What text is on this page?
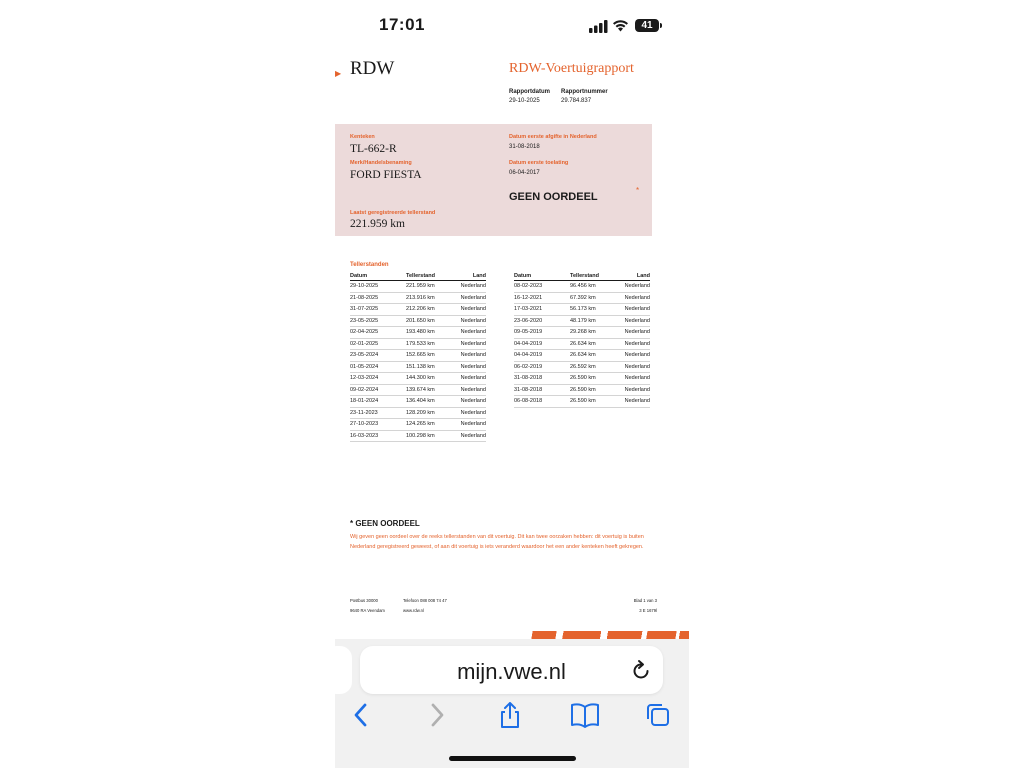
17:01	41
▶ RDW	RDW-Voertuigrapport
Rapportdatum
29-10-2025
Rapportnummer
29.784.837
Kenteken
TL-662-R
Merk/Handelsbenaming
FORD FIESTA
Laatst geregistreerde tellerstand
221.959 km
Datum eerste afgifte in Nederland
31-08-2018
Datum eerste toelating
06-04-2017
GEEN OORDEEL
*
Tellerstanden
Datum	Tellerstand	Land
29-10-2025	221.959 km	Nederland
21-08-2025	213.916 km	Nederland
31-07-2025	212.206 km	Nederland
23-05-2025	201.650 km	Nederland
02-04-2025	193.480 km	Nederland
02-01-2025	179.533 km	Nederland
23-05-2024	152.665 km	Nederland
01-05-2024	151.138 km	Nederland
12-03-2024	144.300 km	Nederland
09-02-2024	139.674 km	Nederland
18-01-2024	136.404 km	Nederland
23-11-2023	128.209 km	Nederland
27-10-2023	124.265 km	Nederland
16-03-2023	100.298 km	Nederland
Datum	Tellerstand	Land
08-02-2023	96.456 km	Nederland
16-12-2021	67.392 km	Nederland
17-03-2021	56.173 km	Nederland
23-06-2020	48.179 km	Nederland
09-05-2019	29.268 km	Nederland
04-04-2019	26.634 km	Nederland
04-04-2019	26.634 km	Nederland
06-02-2019	26.592 km	Nederland
31-08-2018	26.590 km	Nederland
31-08-2018	26.590 km	Nederland
06-08-2018	26.590 km	Nederland
* GEEN OORDEEL
Wij geven geen oordeel over de reeks tellerstanden van dit voertuig. Dit kan twee oorzaken hebben: dit voertuig is buiten Nederland geregistreerd geweest, of aan dit voertuig is iets veranderd waardoor het een ander kenteken heeft gekregen.
Postbus 30000
9640 RA Veendam
Telefoon 088 008 74 47
www.rdw.nl
Blad 1 van 3
3 E 1679l
mijn.vwe.nl
